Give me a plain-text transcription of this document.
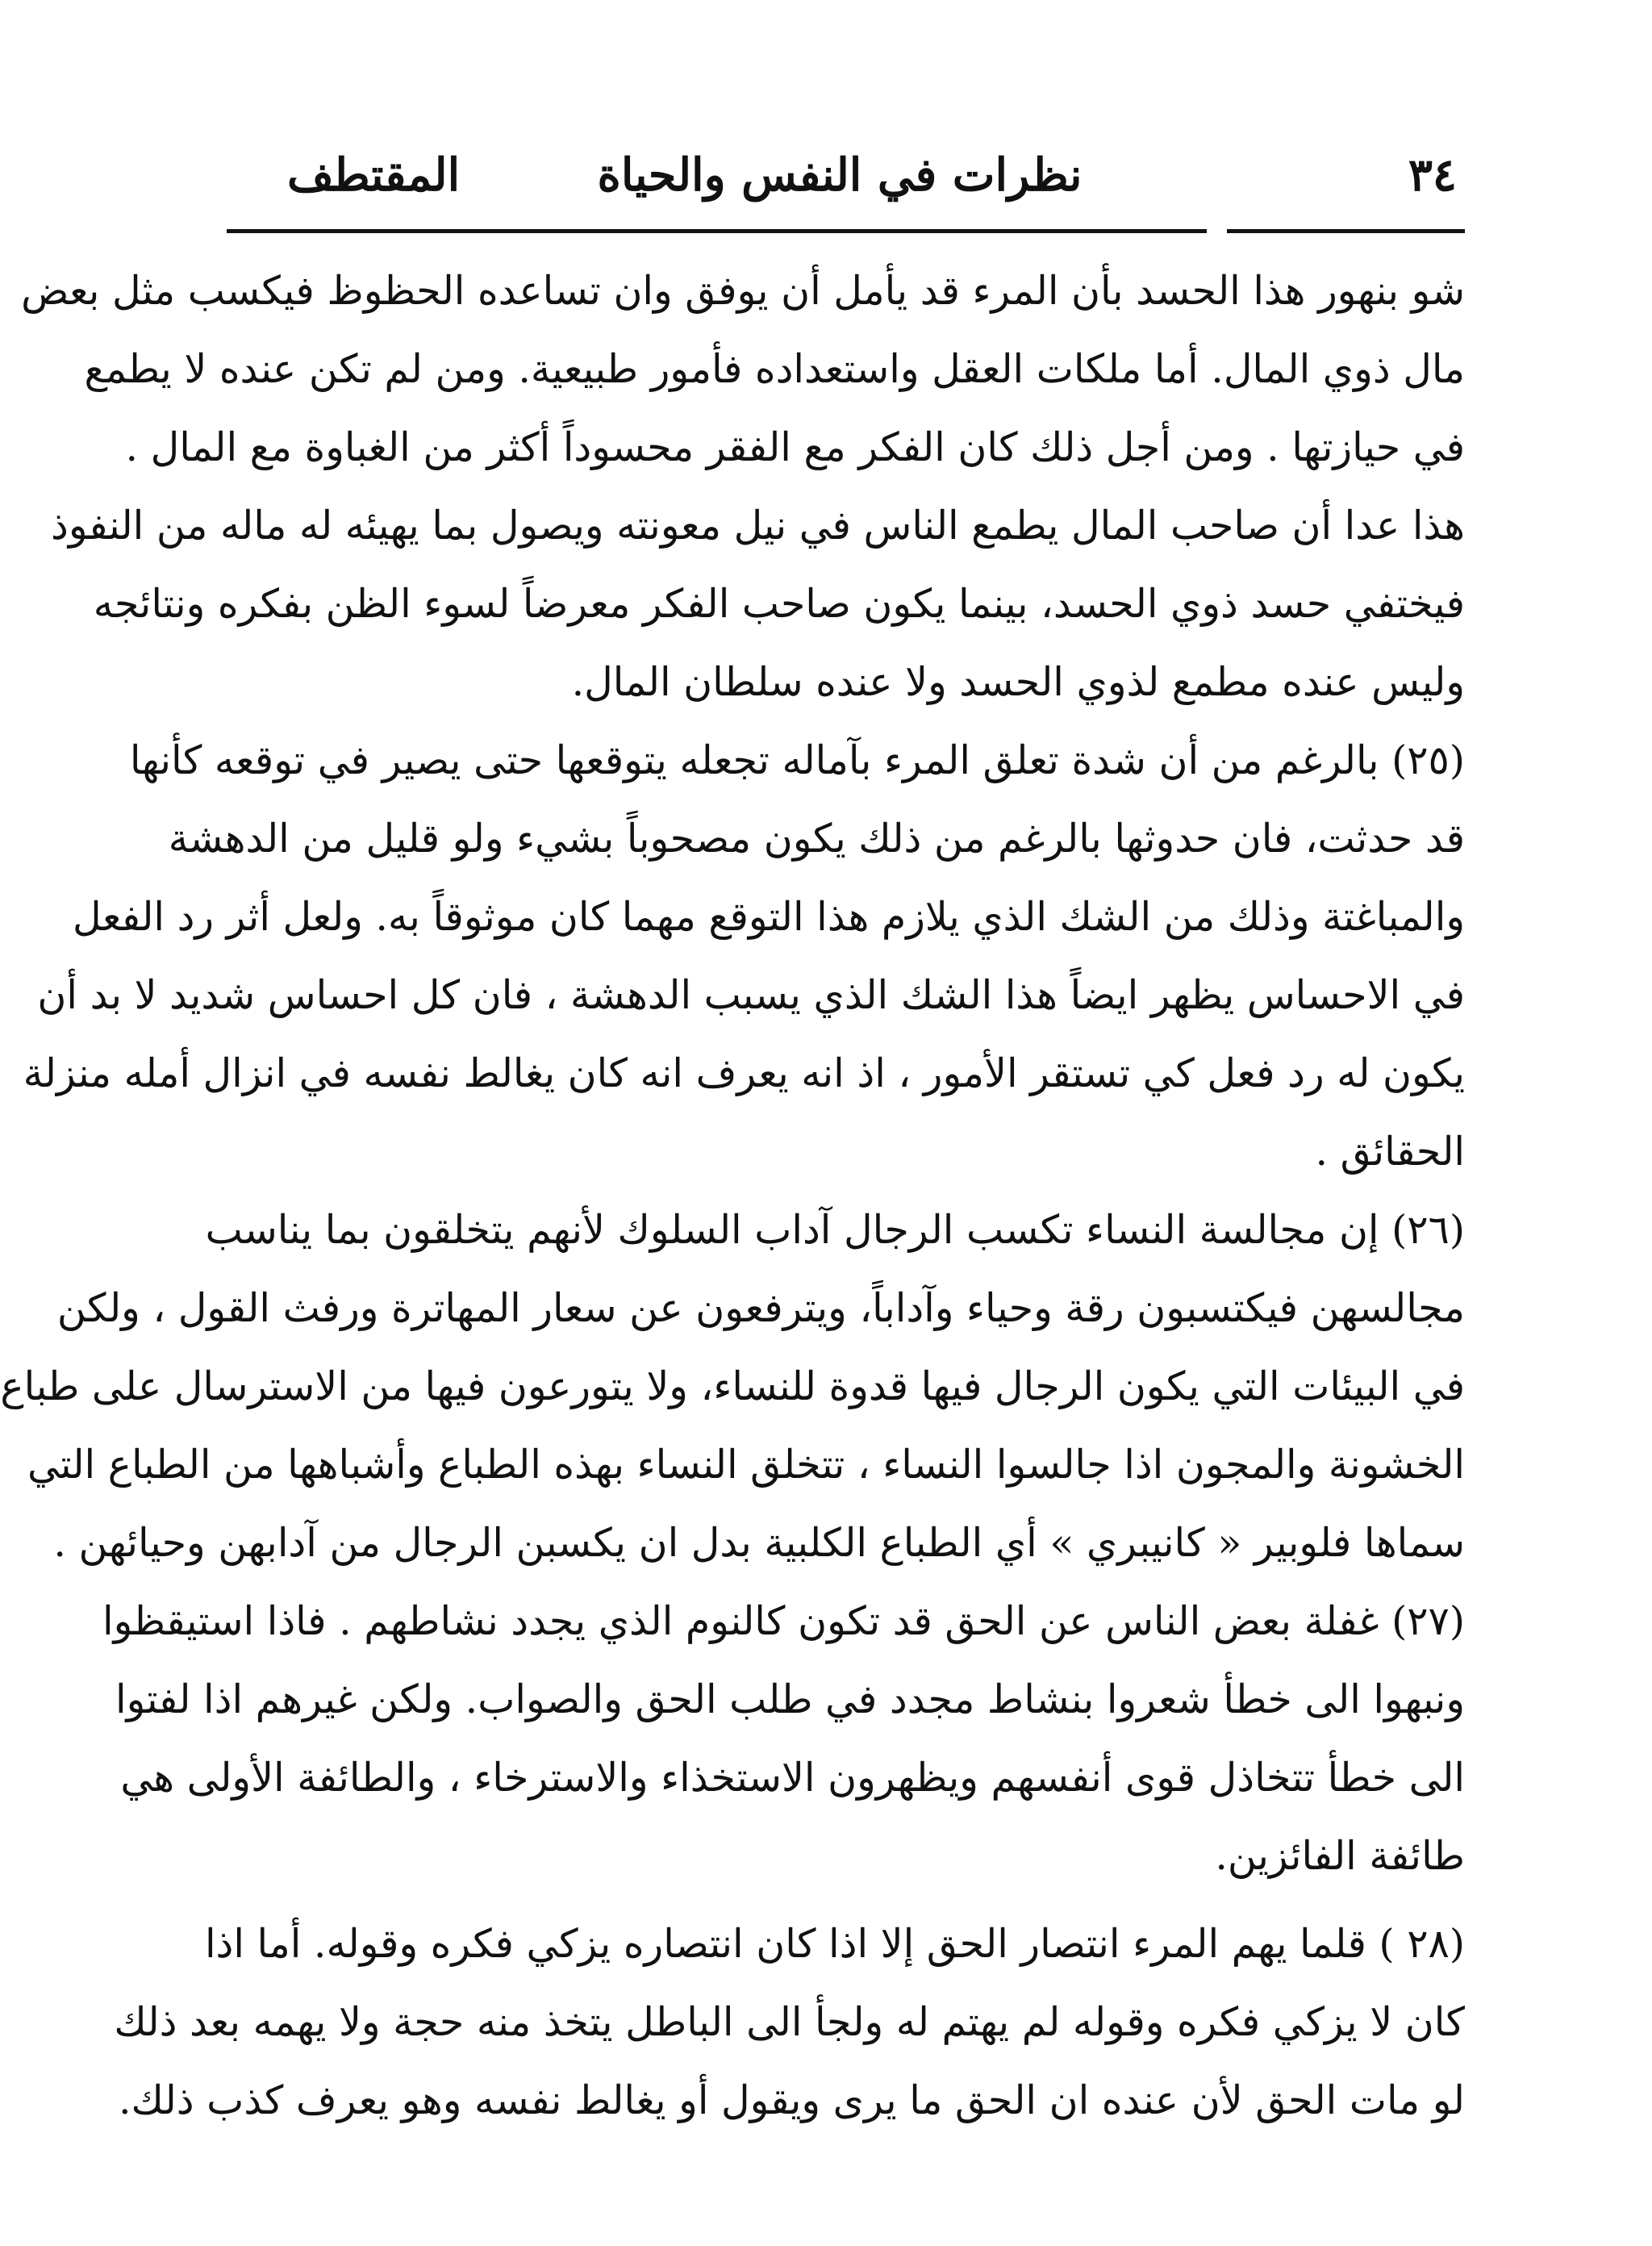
٣٤
نظرات في النفس والحياة
المقتطف
شو بنهور هذا الحسد بأن المرء قد يأمل أن يوفق وان تساعده الحظوظ فيكسب مثل بعض
مال ذوي المال. أما ملكات العقل واستعداده فأمور طبيعية. ومن لم تكن عنده لا يطمع
في حيازتها . ومن أجل ذلك كان الفكر مع الفقر محسوداً أكثر من الغباوة مع المال .
هذا عدا أن صاحب المال يطمع الناس في نيل معونته ويصول بما يهيئه له ماله من النفوذ
فيختفي حسد ذوي الحسد، بينما يكون صاحب الفكر معرضاً لسوء الظن بفكره ونتائجه
وليس عنده مطمع لذوي الحسد ولا عنده سلطان المال.
(٢٥) بالرغم من أن شدة تعلق المرء بآماله تجعله يتوقعها حتى يصير في توقعه كأنها
قد حدثت، فان حدوثها بالرغم من ذلك يكون مصحوباً بشيء ولو قليل من الدهشة
والمباغتة وذلك من الشك الذي يلازم هذا التوقع مهما كان موثوقاً به. ولعل أثر رد الفعل
في الاحساس يظهر ايضاً هذا الشك الذي يسبب الدهشة ، فان كل احساس شديد لا بد أن
يكون له رد فعل كي تستقر الأمور ، اذ انه يعرف انه كان يغالط نفسه في انزال أمله منزلة
الحقائق .
(٢٦) إن مجالسة النساء تكسب الرجال آداب السلوك لأنهم يتخلقون بما يناسب
مجالسهن فيكتسبون رقة وحياء وآداباً، ويترفعون عن سعار المهاترة ورفث القول ، ولكن
في البيئات التي يكون الرجال فيها قدوة للنساء، ولا يتورعون فيها من الاسترسال على طباع
الخشونة والمجون اذا جالسوا النساء ، تتخلق النساء بهذه الطباع وأشباهها من الطباع التي
سماها فلوبير « كانيبري » أي الطباع الكلبية بدل ان يكسبن الرجال من آدابهن وحيائهن .
(٢٧) غفلة بعض الناس عن الحق قد تكون كالنوم الذي يجدد نشاطهم . فاذا استيقظوا
ونبهوا الى خطأ شعروا بنشاط مجدد في طلب الحق والصواب. ولكن غيرهم اذا لفتوا
الى خطأ تتخاذل قوى أنفسهم ويظهرون الاستخذاء والاسترخاء ، والطائفة الأولى هي
طائفة الفائزين.
(٢٨ ) قلما يهم المرء انتصار الحق إلا اذا كان انتصاره يزكي فكره وقوله. أما اذا
كان لا يزكي فكره وقوله لم يهتم له ولجأ الى الباطل يتخذ منه حجة ولا يهمه بعد ذلك
لو مات الحق لأن عنده ان الحق ما يرى ويقول أو يغالط نفسه وهو يعرف كذب ذلك.
